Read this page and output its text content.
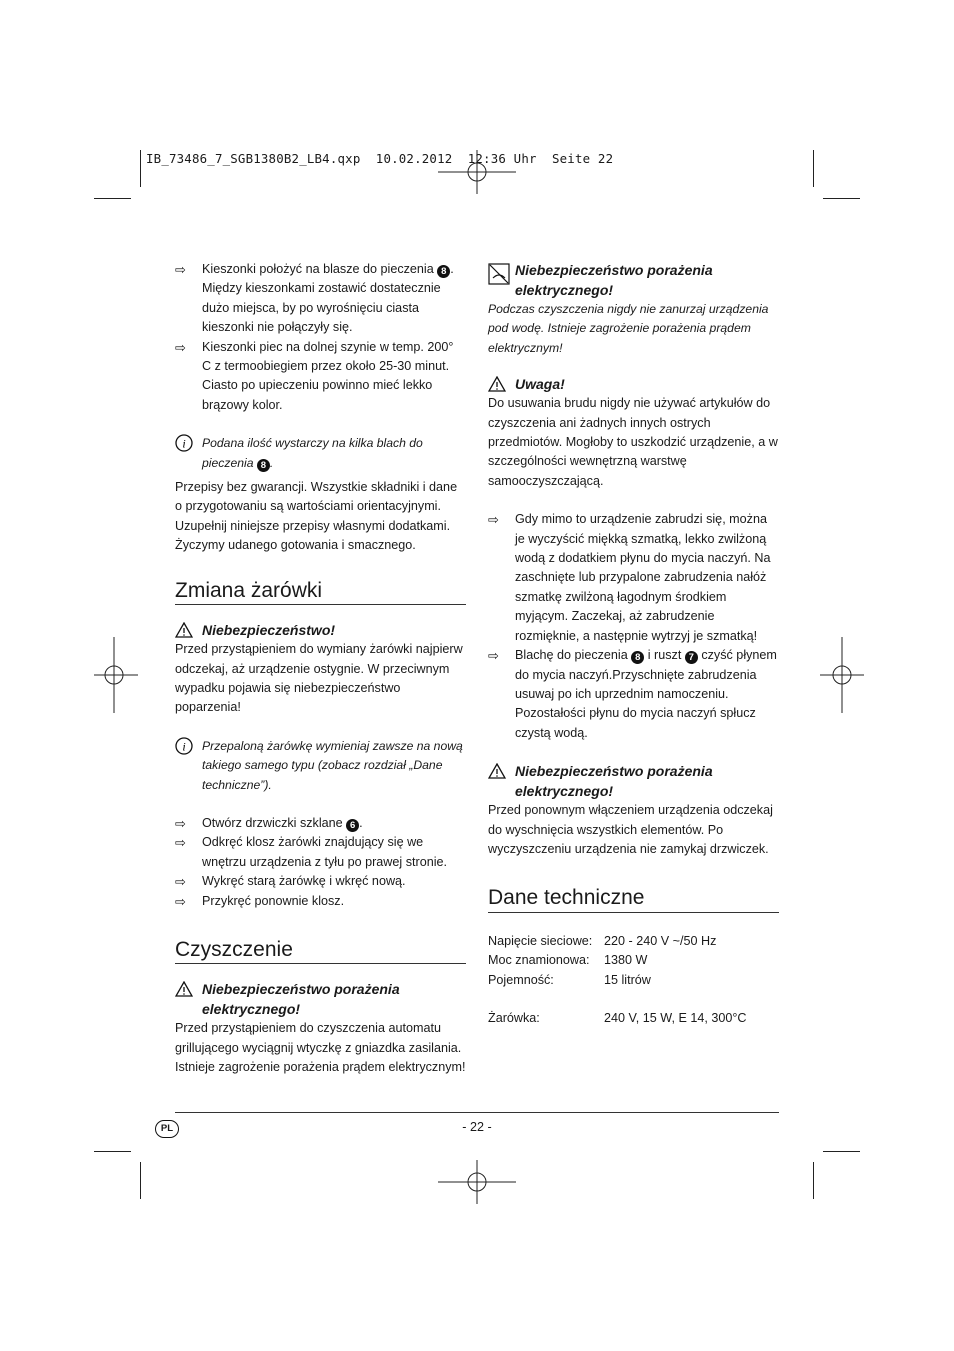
IB_73486_7_SGB1380B2_LB4.qxp  10.02.2012  12:36 Uhr  Seite 22
⇨ Kieszonki położyć na blasze do pieczenia 8 . Między kieszonkami zostawić dostatecznie dużo miejsca, by po wyrośnięciu ciasta kieszonki nie połączyły się.
⇨ Kieszonki piec na dolnej szynie w temp. 200° C z termoobiegiem przez około 25-30 minut. Ciasto po upieczeniu powinno mieć lekko brązowy kolor.
i Podana ilość wystarczy na kilka blach do pieczenia 8 .

Przepisy bez gwarancji. Wszystkie składniki i dane o przygotowaniu są wartościami orientacyjnymi. Uzupełnij niniejsze przepisy własnymi dodatkami. Życzymy udanego gotowania i smacznego.

Zmiana żarówki
Niebezpieczeństwo!

Przed przystąpieniem do wymiany żarówki najpierw odczekaj, aż urządzenie ostygnie. W przeciwnym wypadku pojawia się niebezpieczeństwo poparzenia!

i Przepaloną żarówkę wymieniaj zawsze na nową takiego samego typu (zobacz rozdział „Dane techniczne”).
⇨ Otwórz drzwiczki szklane 6 .
⇨ Odkręć klosz żarówki znajdujący się we wnętrzu urządzenia z tyłu po prawej stronie.
⇨ Wykręć starą żarówkę i wkręć nową.
⇨ Przykręć ponownie klosz.
Czyszczenie
Niebezpieczeństwo porażenia elektrycznego!

Przed przystąpieniem do czyszczenia automatu grillującego wyciągnij wtyczkę z gniazdka zasilania. Istnieje zagrożenie porażenia prądem elektrycznym!

Niebezpieczeństwo porażenia elektrycznego!

Podczas czyszczenia nigdy nie zanurzaj urządzenia pod wodę. Istnieje zagrożenie porażenia prądem elektrycznym!

Uwaga!

Do usuwania brudu nigdy nie używać artykułów do czyszczenia ani żadnych innych ostrych przedmiotów. Mogłoby to uszkodzić urządzenie, a w szczególności wewnętrzną warstwę samooczyszczającą.

⇨ Gdy mimo to urządzenie zabrudzi się, można je wyczyścić miękką szmatką, lekko zwilżoną wodą z dodatkiem płynu do mycia naczyń. Na zaschnięte lub przypalone zabrudzenia nałóż szmatkę zwilżoną łagodnym środkiem myjącym. Zaczekaj, aż zabrudzenie rozmięknie, a następnie wytrzyj je szmatką!
⇨ Blachę do pieczenia 8 i ruszt 7 czyść płynem do mycia naczyń.Przyschnięte zabrudzenia usuwaj po ich uprzednim namoczeniu. Pozostałości płynu do mycia naczyń spłucz czystą wodą.
Niebezpieczeństwo porażenia elektrycznego!

Przed ponownym włączeniem urządzenia odczekaj do wyschnięcia wszystkich elementów. Po wyczyszczeniu urządzenia nie zamykaj drzwiczek.

Dane techniczne
Napięcie sieciowe: 220 - 240 V ~/50 Hz
Moc znamionowa:	1380 W
Pojemność:	15 litrów
Żarówka:	240 V, 15 W, E 14, 300°C
PL	- 22 -
